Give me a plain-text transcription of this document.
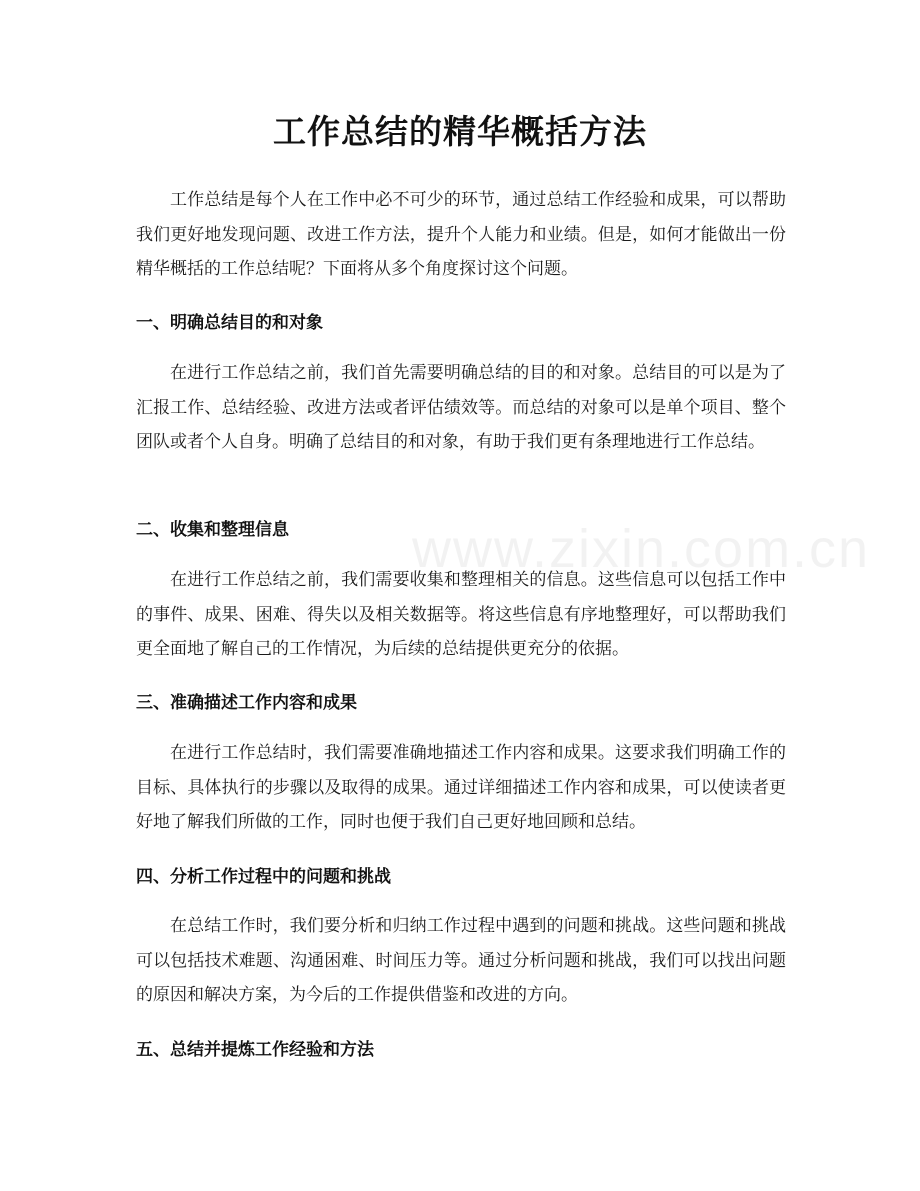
www.zixin.com.cn
工作总结的精华概括方法

工作总结是每个人在工作中必不可少的环节，通过总结工作经验和成果，可以帮助我们更好地发现问题、改进工作方法，提升个人能力和业绩。但是，如何才能做出一份精华概括的工作总结呢？下面将从多个角度探讨这个问题。

一、明确总结目的和对象

在进行工作总结之前，我们首先需要明确总结的目的和对象。总结目的可以是为了汇报工作、总结经验、改进方法或者评估绩效等。而总结的对象可以是单个项目、整个团队或者个人自身。明确了总结目的和对象，有助于我们更有条理地进行工作总结。

二、收集和整理信息

在进行工作总结之前，我们需要收集和整理相关的信息。这些信息可以包括工作中的事件、成果、困难、得失以及相关数据等。将这些信息有序地整理好，可以帮助我们更全面地了解自己的工作情况，为后续的总结提供更充分的依据。

三、准确描述工作内容和成果

在进行工作总结时，我们需要准确地描述工作内容和成果。这要求我们明确工作的目标、具体执行的步骤以及取得的成果。通过详细描述工作内容和成果，可以使读者更好地了解我们所做的工作，同时也便于我们自己更好地回顾和总结。

四、分析工作过程中的问题和挑战

在总结工作时，我们要分析和归纳工作过程中遇到的问题和挑战。这些问题和挑战可以包括技术难题、沟通困难、时间压力等。通过分析问题和挑战，我们可以找出问题的原因和解决方案，为今后的工作提供借鉴和改进的方向。

五、总结并提炼工作经验和方法
